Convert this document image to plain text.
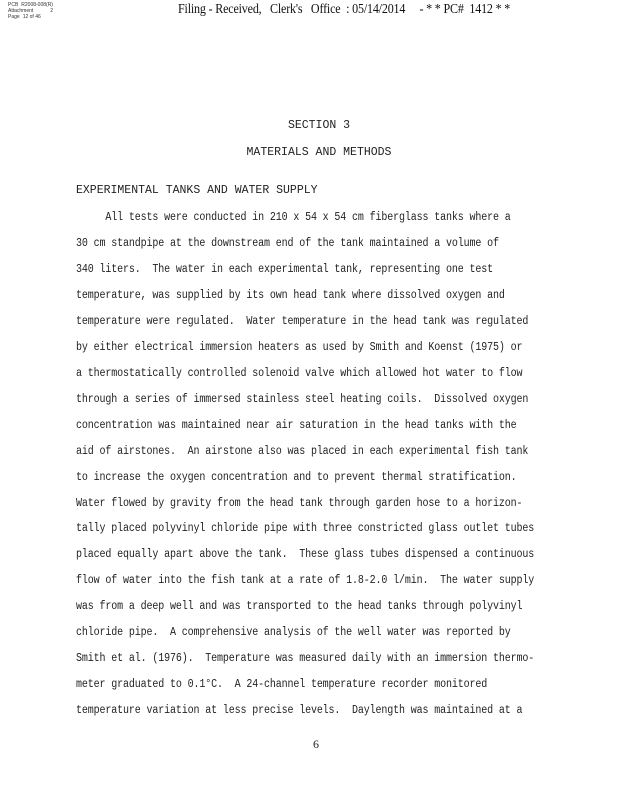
PCB R2008-008(R)
Attachment	2
Page 12 of 46	Filing - Received,   Clerk's   Office  : 05/14/2014     - * * PC#  1412 * *
SECTION 3
MATERIALS AND METHODS
EXPERIMENTAL TANKS AND WATER SUPPLY
All tests were conducted in 210 x 54 x 54 cm fiberglass tanks where a
30 cm standpipe at the downstream end of the tank maintained a volume of
340 liters.  The water in each experimental tank, representing one test
temperature, was supplied by its own head tank where dissolved oxygen and
temperature were regulated.  Water temperature in the head tank was regulated
by either electrical immersion heaters as used by Smith and Koenst (1975) or
a thermostatically controlled solenoid valve which allowed hot water to flow
through a series of immersed stainless steel heating coils.  Dissolved oxygen
concentration was maintained near air saturation in the head tanks with the
aid of airstones.  An airstone also was placed in each experimental fish tank
to increase the oxygen concentration and to prevent thermal stratification.
Water flowed by gravity from the head tank through garden hose to a horizon-
tally placed polyvinyl chloride pipe with three constricted glass outlet tubes
placed equally apart above the tank.  These glass tubes dispensed a continuous
flow of water into the fish tank at a rate of 1.8-2.0 l/min.  The water supply
was from a deep well and was transported to the head tanks through polyvinyl
chloride pipe.  A comprehensive analysis of the well water was reported by
Smith et al. (1976).  Temperature was measured daily with an immersion thermo-
meter graduated to 0.1°C.  A 24-channel temperature recorder monitored
temperature variation at less precise levels.  Daylength was maintained at a
6
